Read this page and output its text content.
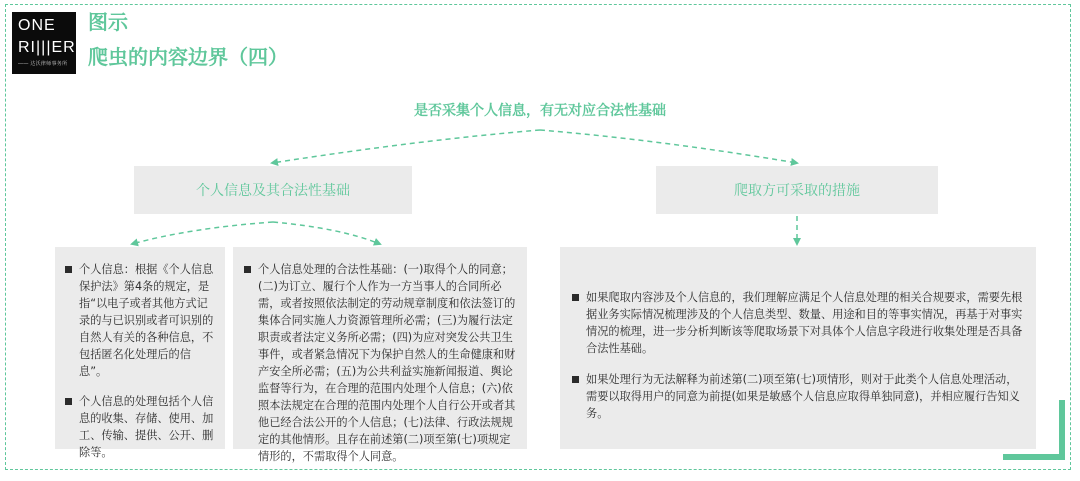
ONE
RI|||ER
—— 达沃律师事务所
图示
爬虫的内容边界（四）
是否采集个人信息，有无对应合法性基础
个人信息及其合法性基础	爬取方可采取的措施
个人信息：根据《个人信息保护法》第4条的规定，是指“以电子或者其他方式记录的与已识别或者可识别的自然人有关的各种信息，不包括匿名化处理后的信息”。
个人信息的处理包括个人信息的收集、存储、使用、加工、传输、提供、公开、删除等。
个人信息处理的合法性基础：(一)取得个人的同意；(二)为订立、履行个人作为一方当事人的合同所必需，或者按照依法制定的劳动规章制度和依法签订的集体合同实施人力资源管理所必需；(三)为履行法定职责或者法定义务所必需；(四)为应对突发公共卫生事件，或者紧急情况下为保护自然人的生命健康和财产安全所必需；(五)为公共利益实施新闻报道、舆论监督等行为，在合理的范围内处理个人信息；(六)依照本法规定在合理的范围内处理个人自行公开或者其他已经合法公开的个人信息；(七)法律、行政法规规定的其他情形。且存在前述第(二)项至第(七)项规定情形的，不需取得个人同意。
如果爬取内容涉及个人信息的，我们理解应满足个人信息处理的相关合规要求，需要先根据业务实际情况梳理涉及的个人信息类型、数量、用途和目的等事实情况，再基于对事实情况的梳理，进一步分析判断该等爬取场景下对具体个人信息字段进行收集处理是否具备合法性基础。
如果处理行为无法解释为前述第(二)项至第(七)项情形，则对于此类个人信息处理活动，需要以取得用户的同意为前提(如果是敏感个人信息应取得单独同意)，并相应履行告知义务。
